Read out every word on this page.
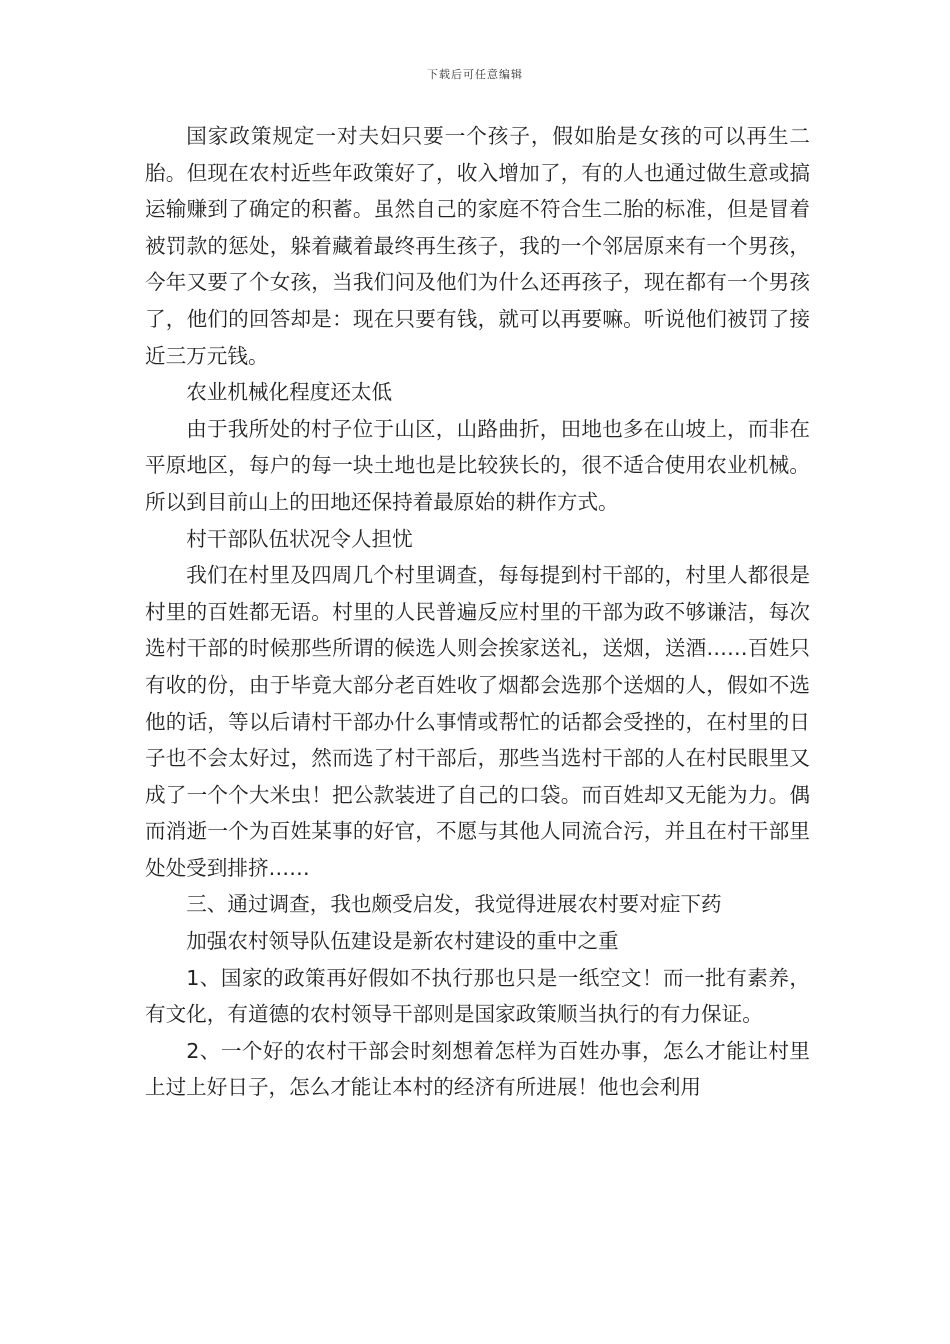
下载后可任意编辑

国家政策规定一对夫妇只要一个孩子，假如胎是女孩的可以再生二胎。但现在农村近些年政策好了，收入增加了，有的人也通过做生意或搞运输赚到了确定的积蓄。虽然自己的家庭不符合生二胎的标准，但是冒着被罚款的惩处，躲着藏着最终再生孩子，我的一个邻居原来有一个男孩，今年又要了个女孩，当我们问及他们为什么还再孩子，现在都有一个男孩了，他们的回答却是：现在只要有钱，就可以再要嘛。听说他们被罚了接近三万元钱。

农业机械化程度还太低

由于我所处的村子位于山区，山路曲折，田地也多在山坡上，而非在平原地区，每户的每一块土地也是比较狭长的，很不适合使用农业机械。所以到目前山上的田地还保持着最原始的耕作方式。

村干部队伍状况令人担忧

我们在村里及四周几个村里调查，每每提到村干部的，村里人都很是村里的百姓都无语。村里的人民普遍反应村里的干部为政不够谦洁，每次选村干部的时候那些所谓的候选人则会挨家送礼，送烟，送酒……百姓只有收的份，由于毕竟大部分老百姓收了烟都会选那个送烟的人，假如不选他的话，等以后请村干部办什么事情或帮忙的话都会受挫的，在村里的日子也不会太好过，然而选了村干部后，那些当选村干部的人在村民眼里又成了一个个大米虫！把公款装进了自己的口袋。而百姓却又无能为力。偶而消逝一个为百姓某事的好官，不愿与其他人同流合污，并且在村干部里处处受到排挤……

三、通过调查，我也颇受启发，我觉得进展农村要对症下药

加强农村领导队伍建设是新农村建设的重中之重

1、国家的政策再好假如不执行那也只是一纸空文！而一批有素养，有文化，有道德的农村领导干部则是国家政策顺当执行的有力保证。

2、一个好的农村干部会时刻想着怎样为百姓办事，怎么才能让村里上过上好日子，怎么才能让本村的经济有所进展！他也会利用
